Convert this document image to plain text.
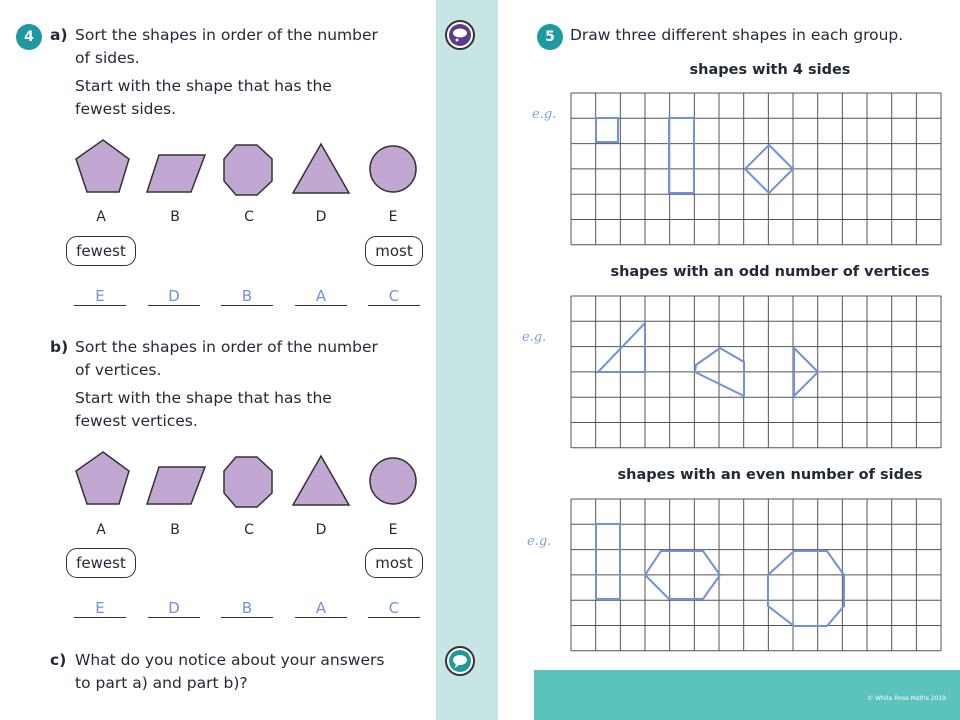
4	a) Sort the shapes in order of the number
of sides.
Start with the shape that has the
fewest sides.
A	B	C	D	E
fewest	most
E	D	B	A	C
b) Sort the shapes in order of the number
of vertices.
Start with the shape that has the
fewest vertices.
A	B	C	D	E
fewest	most
E	D	B	A	C
c) What do you notice about your answers
to part a) and part b)?
5 Draw three different shapes in each group.
shapes with 4 sides
e.g.
shapes with an odd number of vertices
e.g.
shapes with an even number of sides
e.g.
© White Rose Maths 2019
